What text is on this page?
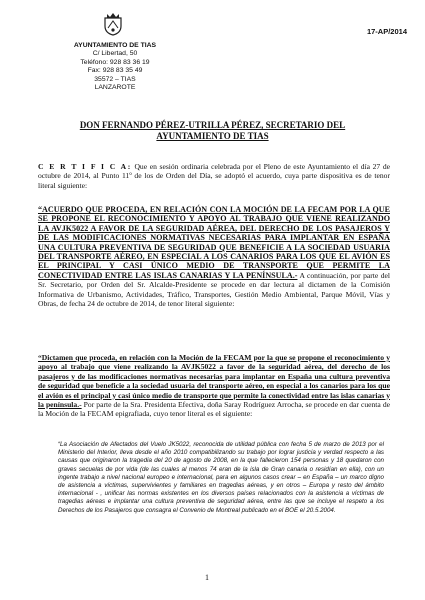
17-AP/2014
AYUNTAMIENTO DE TIAS
C/ Libertad, 50
Teléfono: 928 83 36 19
Fax: 928 83 35 49
35572 – TIAS
LANZAROTE
DON FERNANDO PÉREZ-UTRILLA PÉREZ, SECRETARIO DEL
AYUNTAMIENTO DE TIAS
C E R T I F I C A: Que en sesión ordinaria celebrada por el Pleno de este Ayuntamiento el día 27 de octubre de 2014, al Punto 11º de los de Orden del Día, se adoptó el acuerdo, cuya parte dispositiva es de tenor literal siguiente:
“ACUERDO QUE PROCEDA, EN RELACIÓN CON LA MOCIÓN DE LA FECAM POR LA QUE SE PROPONE EL RECONOCIMIENTO Y APOYO AL TRABAJO QUE VIENE REALIZANDO LA AVJK5022 A FAVOR DE LA SEGURIDAD AÉREA, DEL DERECHO DE LOS PASAJEROS Y DE LAS MODIFICACIONES NORMATIVAS NECESARIAS PARA IMPLANTAR EN ESPAÑA UNA CULTURA PREVENTIVA DE SEGURIDAD QUE BENEFICIE A LA SOCIEDAD USUARIA DEL TRANSPORTE AÉREO, EN ESPECIAL A LOS CANARIOS PARA LOS QUE EL AVIÓN ES EL PRINCIPAL Y CASI ÚNICO MEDIO DE TRANSPORTE QUE PERMITE LA CONECTIVIDAD ENTRE LAS ISLAS CANARIAS Y LA PENÍNSULA.- A continuación, por parte del Sr. Secretario, por Orden del Sr. Alcalde-Presidente se procede en dar lectura al dictamen de la Comisión Informativa de Urbanismo, Actividades, Tráfico, Transportes, Gestión Medio Ambiental, Parque Móvil, Vías y Obras, de fecha 24 de octubre de 2014, de tenor literal siguiente:
“Dictamen que proceda, en relación con la Moción de la FECAM por la que se propone el reconocimiento y apoyo al trabajo que viene realizando la AVJK5022 a favor de la seguridad aérea, del derecho de los pasajeros y de las modificaciones normativas necesarias para implantar en España una cultura preventiva de seguridad que beneficie a la sociedad usuaria del transporte aéreo, en especial a los canarios para los que el avión es el principal y casi único medio de transporte que permite la conectividad entre las islas canarias y la península.- Por parte de la Sra. Presidenta Efectiva, doña Saray Rodríguez Arrocha, se procede en dar cuenta de la Moción de la FECAM epigrafiada, cuyo tenor literal es el siguiente:
“La Asociación de Afectados del Vuelo JK5022, reconocida de utilidad pública con fecha 5 de marzo de 2013 por el Ministerio del Interior, lleva desde el año 2010 compatibilizando su trabajo por lograr justicia y verdad respecto a las causas que originaron la tragedia del 20 de agosto de 2008, en la que fallecieron 154 personas y 18 quedaron con graves secuelas de por vida (de las cuales al menos 74 eran de la isla de Gran canaria o residían en ella), con un ingente trabajo a nivel nacional europeo e internacional, para en algunos casos crear – en España – un marco digno de asistencia a víctimas, supervivientes y familiares en tragedias aéreas, y en otros – Europa y resto del ámbito internacional - , unificar las normas existentes en los diversos países relacionados con la asistencia a víctimas de tragedias aéreas e implantar una cultura preventiva de seguridad aérea, entre las que se incluye el respeto a los Derechos de los Pasajeros que consagra el Convenio de Montreal publicado en el BOE el 20.5.2004.
1
